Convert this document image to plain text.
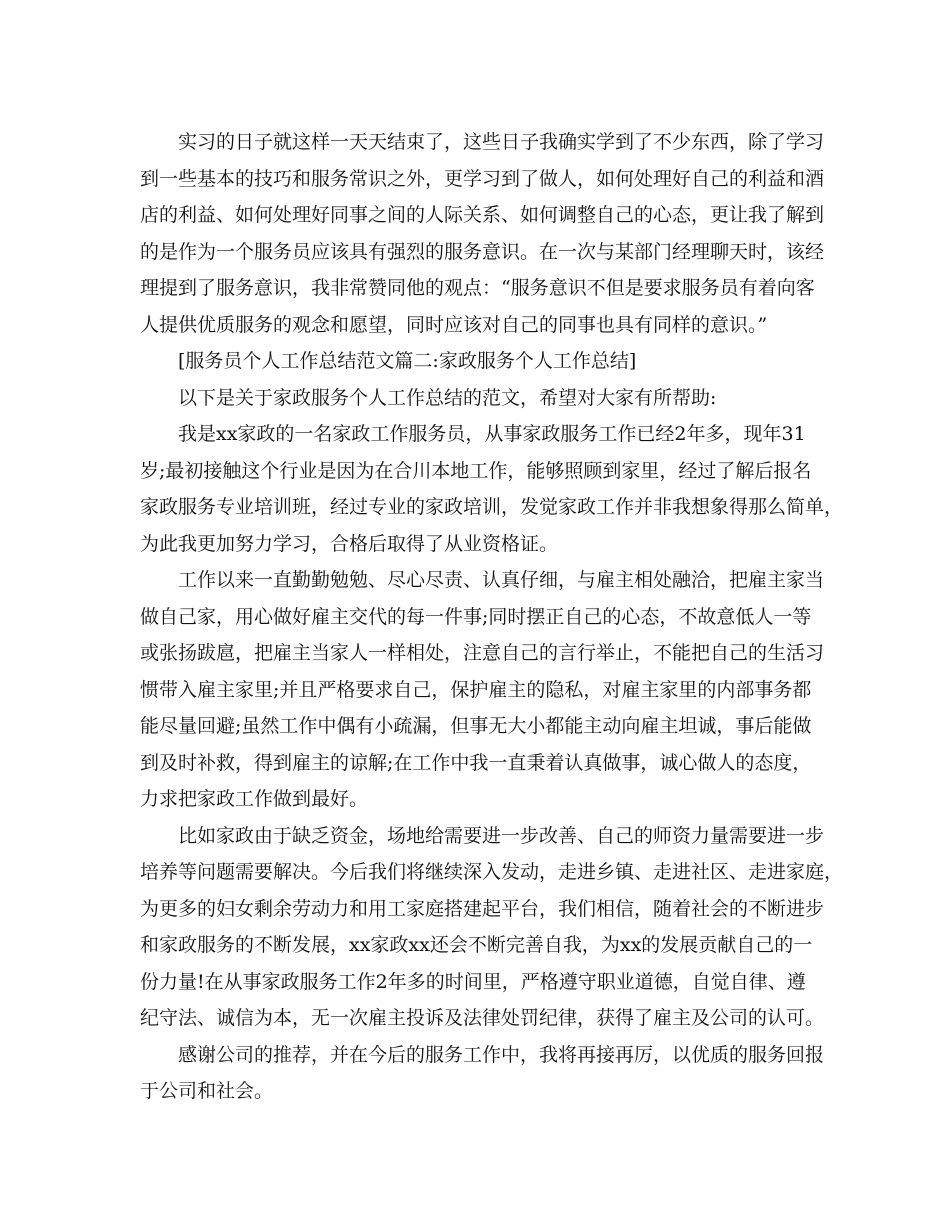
实习的日子就这样一天天结束了，这些日子我确实学到了不少东西，除了学习
到一些基本的技巧和服务常识之外，更学习到了做人，如何处理好自己的利益和酒
店的利益、如何处理好同事之间的人际关系、如何调整自己的心态，更让我了解到
的是作为一个服务员应该具有强烈的服务意识。在一次与某部门经理聊天时，该经
理提到了服务意识，我非常赞同他的观点：“服务意识不但是要求服务员有着向客
人提供优质服务的观念和愿望，同时应该对自己的同事也具有同样的意识。”
[服务员个人工作总结范文篇二:家政服务个人工作总结]
以下是关于家政服务个人工作总结的范文，希望对大家有所帮助:
我是xx家政的一名家政工作服务员，从事家政服务工作已经2年多，现年31
岁;最初接触这个行业是因为在合川本地工作，能够照顾到家里，经过了解后报名
家政服务专业培训班，经过专业的家政培训，发觉家政工作并非我想象得那么简单，
为此我更加努力学习，合格后取得了从业资格证。
工作以来一直勤勤勉勉、尽心尽责、认真仔细，与雇主相处融洽，把雇主家当
做自己家，用心做好雇主交代的每一件事;同时摆正自己的心态，不故意低人一等
或张扬跋扈，把雇主当家人一样相处，注意自己的言行举止，不能把自己的生活习
惯带入雇主家里;并且严格要求自己，保护雇主的隐私，对雇主家里的内部事务都
能尽量回避;虽然工作中偶有小疏漏，但事无大小都能主动向雇主坦诚，事后能做
到及时补救，得到雇主的谅解;在工作中我一直秉着认真做事，诚心做人的态度，
力求把家政工作做到最好。
比如家政由于缺乏资金，场地给需要进一步改善、自己的师资力量需要进一步
培养等问题需要解决。今后我们将继续深入发动，走进乡镇、走进社区、走进家庭，
为更多的妇女剩余劳动力和用工家庭搭建起平台，我们相信，随着社会的不断进步
和家政服务的不断发展，xx家政xx还会不断完善自我，为xx的发展贡献自己的一
份力量!在从事家政服务工作2年多的时间里，严格遵守职业道德，自觉自律、遵
纪守法、诚信为本，无一次雇主投诉及法律处罚纪律，获得了雇主及公司的认可。
感谢公司的推荐，并在今后的服务工作中，我将再接再厉，以优质的服务回报
于公司和社会。
